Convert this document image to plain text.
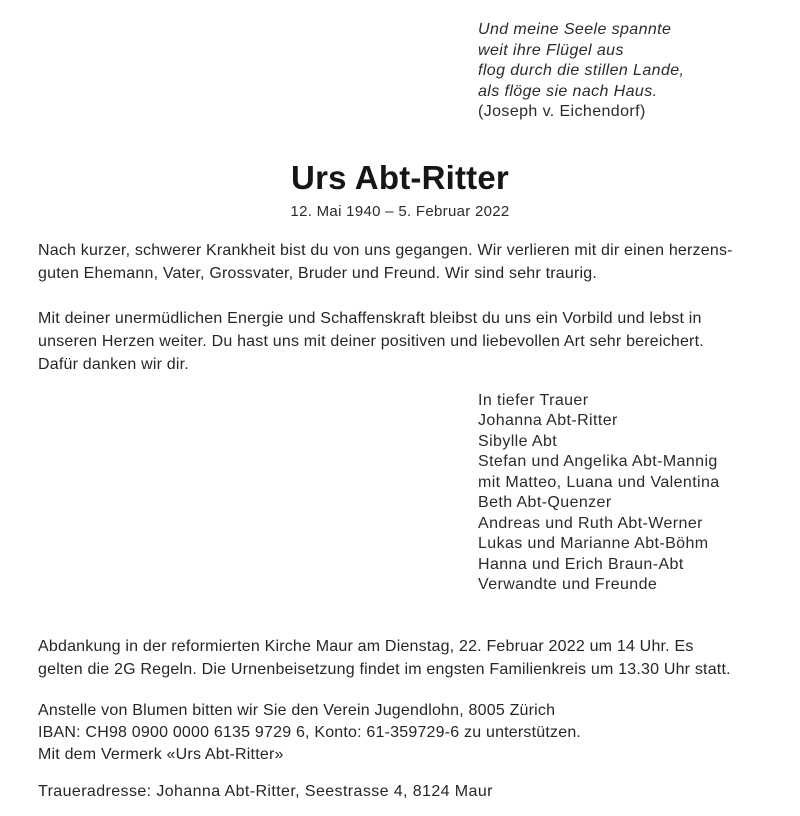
Und meine Seele spannte
weit ihre Flügel aus
flog durch die stillen Lande,
als flöge sie nach Haus.
(Joseph v. Eichendorf)
Urs Abt-Ritter
12. Mai 1940 – 5. Februar 2022
Nach kurzer, schwerer Krankheit bist du von uns gegangen. Wir verlieren mit dir einen herzens-
guten Ehemann, Vater, Grossvater, Bruder und Freund. Wir sind sehr traurig.
Mit deiner unermüdlichen Energie und Schaffenskraft bleibst du uns ein Vorbild und lebst in
unseren Herzen weiter. Du hast uns mit deiner positiven und liebevollen Art sehr bereichert.
Dafür danken wir dir.
In tiefer Trauer
Johanna Abt-Ritter
Sibylle Abt
Stefan und Angelika Abt-Mannig
mit Matteo, Luana und Valentina
Beth Abt-Quenzer
Andreas und Ruth Abt-Werner
Lukas und Marianne Abt-Böhm
Hanna und Erich Braun-Abt
Verwandte und Freunde
Abdankung in der reformierten Kirche Maur am Dienstag, 22. Februar 2022 um 14 Uhr. Es
gelten die 2G Regeln. Die Urnenbeisetzung findet im engsten Familienkreis um 13.30 Uhr statt.
Anstelle von Blumen bitten wir Sie den Verein Jugendlohn, 8005 Zürich
IBAN: CH98 0900 0000 6135 9729 6, Konto: 61-359729-6 zu unterstützen.
Mit dem Vermerk «Urs Abt-Ritter»
Traueradresse: Johanna Abt-Ritter, Seestrasse 4, 8124 Maur
